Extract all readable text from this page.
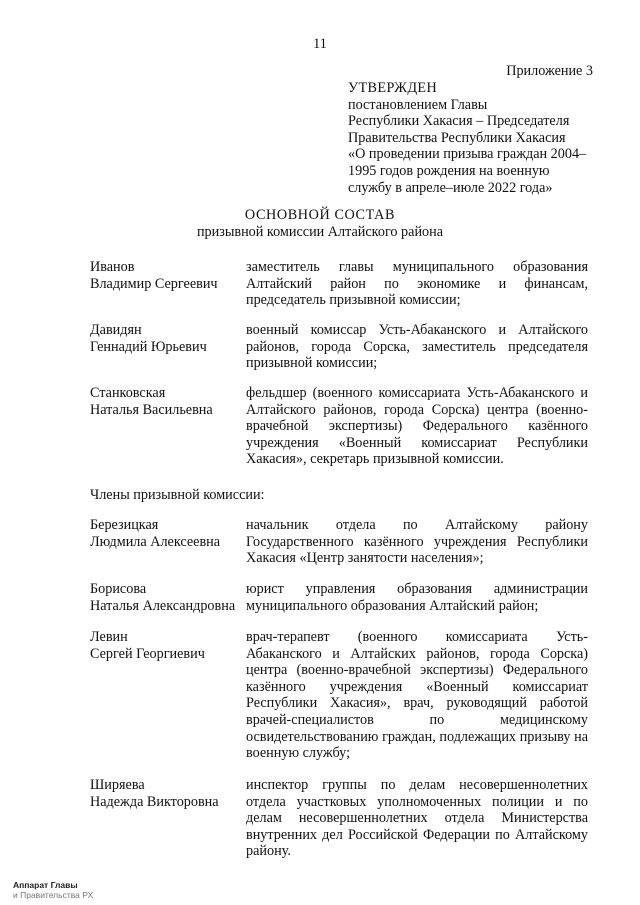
11
Приложение 3
УТВЕРЖДЕН
постановлением Главы
Республики Хакасия – Председателя
Правительства Республики Хакасия
«О проведении призыва граждан 2004–
1995 годов рождения на военную
службу в апреле–июле 2022 года»
ОСНОВНОЙ СОСТАВ
призывной комиссии Алтайского района
Иванов
Владимир Сергеевич
заместитель главы муниципального образования Алтайский район по экономике и финансам, председатель призывной комиссии;
Давидян
Геннадий Юрьевич
военный комиссар Усть-Абаканского и Алтайского районов, города Сорска, заместитель председателя призывной комиссии;
Станковская
Наталья Васильевна
фельдшер (военного комиссариата Усть-Абаканского и Алтайского районов, города Сорска) центра (военно-врачебной экспертизы) Федерального казённого учреждения «Военный комиссариат Республики Хакасия», секретарь призывной комиссии.
Члены призывной комиссии:
Березицкая
Людмила Алексеевна
начальник отдела по Алтайскому району Государственного казённого учреждения Республики Хакасия «Центр занятости населения»;
Борисова
Наталья Александровна
юрист управления образования администрации муниципального образования Алтайский район;
Левин
Сергей Георгиевич
врач-терапевт (военного комиссариата Усть-Абаканского и Алтайских районов, города Сорска) центра (военно-врачебной экспертизы) Федерального казённого учреждения «Военный комиссариат Республики Хакасия», врач, руководящий работой врачей-специалистов по медицинскому освидетельствованию граждан, подлежащих призыву на военную службу;
Ширяева
Надежда Викторовна
инспектор группы по делам несовершеннолетних отдела участковых уполномоченных полиции и по делам несовершеннолетних отдела Министерства внутренних дел Российской Федерации по Алтайскому району.
Аппарат Главы
и Правительства РХ
